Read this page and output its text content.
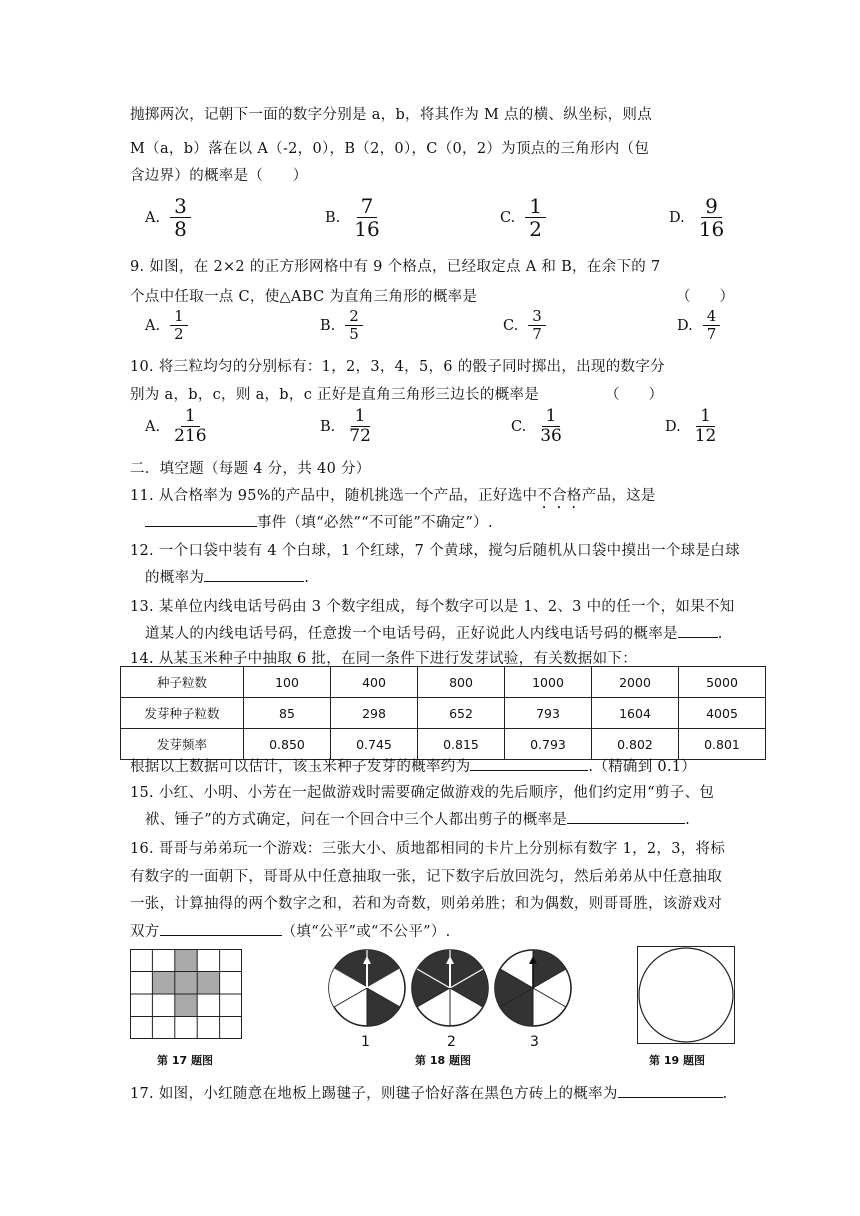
抛掷两次，记朝下一面的数字分别是 a，b，将其作为 M 点的横、纵坐标，则点
M（a，b）落在以 A（-2，0），B（2，0），C（0，2）为顶点的三角形内（包
含边界）的概率是（　　）
A. $\frac{3}{8}$	B. $\frac{7}{16}$	C. $\frac{1}{2}$	D. $\frac{9}{16}$
9. 如图，在 2×2 的正方形网格中有 9 个格点，已经取定点 A 和 B，在余下的 7
个点中任取一点 C，使△ABC 为直角三角形的概率是	（　　）
A. $\frac{1}{2}$	B. $\frac{2}{5}$	C. $\frac{3}{7}$	D. $\frac{4}{7}$
10. 将三粒均匀的分别标有：1，2，3，4，5，6 的骰子同时掷出，出现的数字分
别为 a，b，c，则 a，b，c 正好是直角三角形三边长的概率是	（　　）
A. $\frac{1}{216}$	B. $\frac{1}{72}$	C. $\frac{1}{36}$	D. $\frac{1}{12}$
二．填空题（每题 4 分，共 40 分）
11. 从合格率为 95%的产品中，随机挑选一个产品，正好选中不合格产品，这是
事件（填“必然”“不可能”不确定”）.
12. 一个口袋中装有 4 个白球，1 个红球，7 个黄球，搅匀后随机从口袋中摸出一个球是白球
的概率为	.
13. 某单位内线电话号码由 3 个数字组成，每个数字可以是 1、2、3 中的任一个，如果不知
道某人的内线电话号码，任意拨一个电话号码，正好说此人内线电话号码的概率是	.
14. 从某玉米种子中抽取 6 批，在同一条件下进行发芽试验，有关数据如下：
种子粒数	100	400	800	1000	2000	5000
发芽种子粒数	85	298	652	793	1604	4005
发芽频率	0.850	0.745	0.815	0.793	0.802	0.801
根据以上数据可以估计，该玉米种子发芽的概率约为	.（精确到 0.1）
15. 小红、小明、小芳在一起做游戏时需要确定做游戏的先后顺序，他们约定用“剪子、包
袱、锤子”的方式确定，问在一个回合中三个人都出剪子的概率是	.
16. 哥哥与弟弟玩一个游戏：三张大小、质地都相同的卡片上分别标有数字 1，2，3，将标
有数字的一面朝下，哥哥从中任意抽取一张，记下数字后放回洗匀，然后弟弟从中任意抽取
一张，计算抽得的两个数字之和，若和为奇数，则弟弟胜；和为偶数，则哥哥胜，该游戏对
双方	（填“公平”或“不公平”）.
第 17 题图
1	2	3
第 18 题图	第 19 题图
17. 如图，小红随意在地板上踢毽子，则毽子恰好落在黑色方砖上的概率为	.
